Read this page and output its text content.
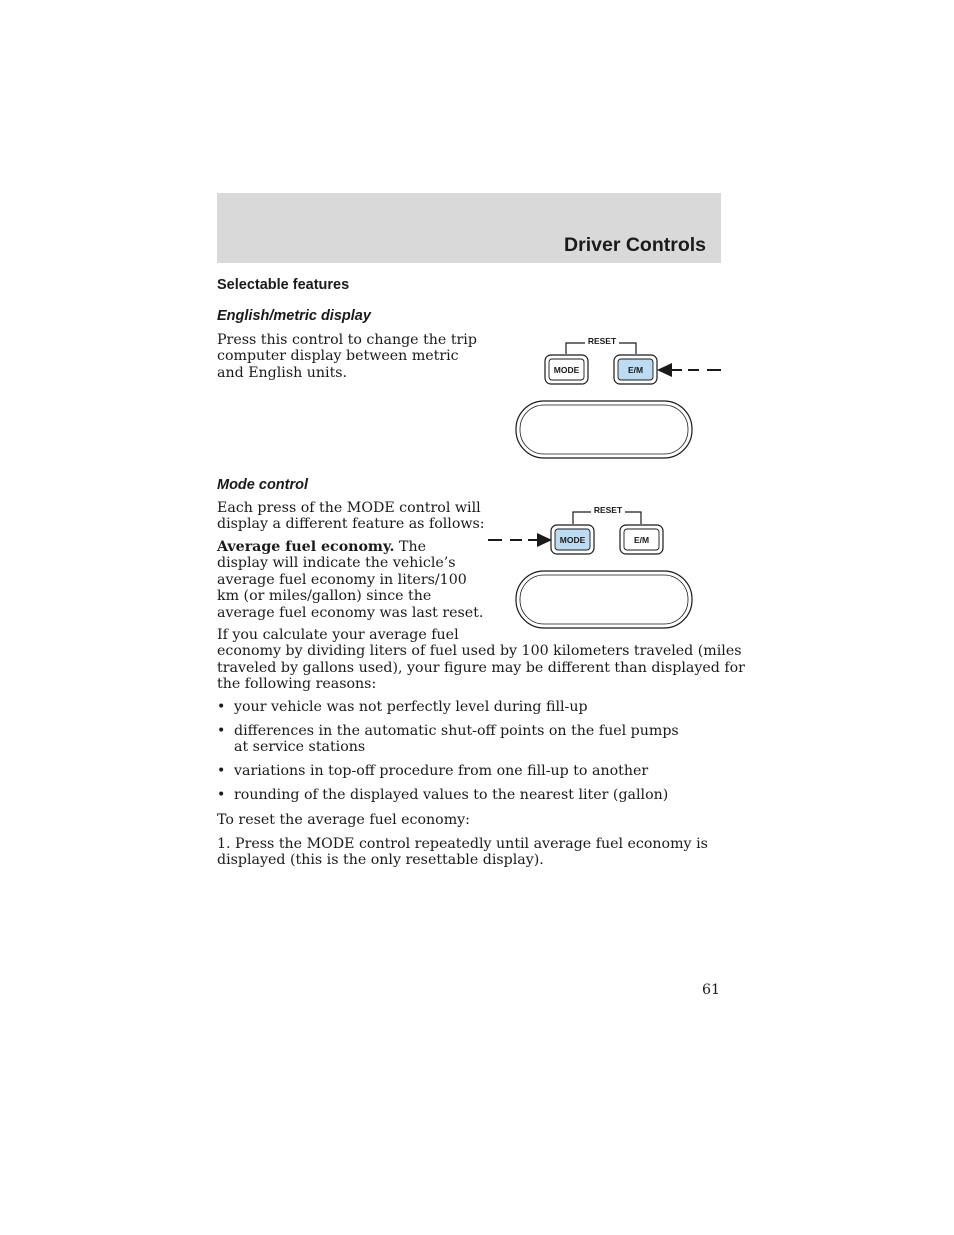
Driver Controls
Selectable features
English/metric display
Press this control to change the trip
computer display between metric
and English units.
RESET
MODE	E/M
Mode control
Each press of the MODE control will
display a different feature as follows:
Average fuel economy. The
display will indicate the vehicle’s
average fuel economy in liters/100
km (or miles/gallon) since the
average fuel economy was last reset.
RESET
MODE	E/M
If you calculate your average fuel
economy by dividing liters of fuel used by 100 kilometers traveled (miles
traveled by gallons used), your figure may be different than displayed for
the following reasons:
• your vehicle was not perfectly level during fill-up
• differences in the automatic shut-off points on the fuel pumps at service stations
• variations in top-off procedure from one fill-up to another
• rounding of the displayed values to the nearest liter (gallon)
To reset the average fuel economy:
1. Press the MODE control repeatedly until average fuel economy is
displayed (this is the only resettable display).
61
